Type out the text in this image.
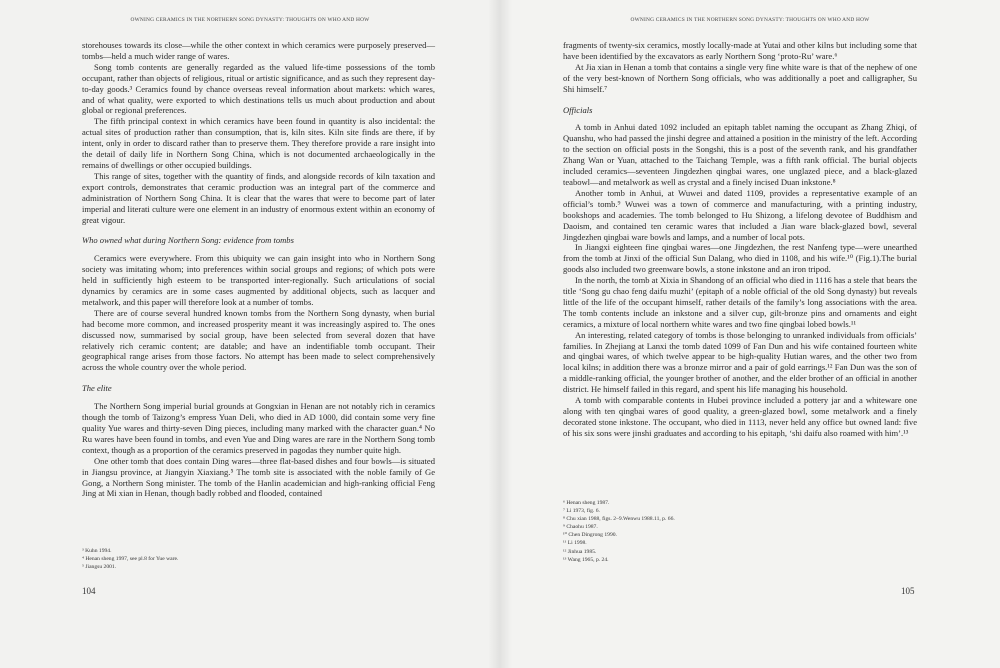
OWNING CERAMICS IN THE NORTHERN SONG DYNASTY: THOUGHTS ON WHO AND HOW

storehouses towards its close—while the other context in which ceramics were purposely preserved—tombs—held a much wider range of wares.

Song tomb contents are generally regarded as the valued life-time possessions of the tomb occupant, rather than objects of religious, ritual or artistic significance, and as such they represent day-to-day goods.³ Ceramics found by chance overseas reveal information about markets: which wares, and of what quality, were exported to which destinations tells us much about production and about global or regional preferences.

The fifth principal context in which ceramics have been found in quantity is also incidental: the actual sites of production rather than consumption, that is, kiln sites. Kiln site finds are there, if by intent, only in order to discard rather than to preserve them. They therefore provide a rare insight into the detail of daily life in Northern Song China, which is not documented archaeologically in the remains of dwellings or other occupied buildings.

This range of sites, together with the quantity of finds, and alongside records of kiln taxation and export controls, demonstrates that ceramic production was an integral part of the commerce and administration of Northern Song China. It is clear that the wares that were to become part of later imperial and literati culture were one element in an industry of enormous extent within an economy of great vigour.

Who owned what during Northern Song: evidence from tombs

Ceramics were everywhere. From this ubiquity we can gain insight into who in Northern Song society was imitating whom; into preferences within social groups and regions; of which pots were held in sufficiently high esteem to be transported inter-regionally. Such articulations of social dynamics by ceramics are in some cases augmented by additional objects, such as lacquer and metalwork, and this paper will therefore look at a number of tombs.

There are of course several hundred known tombs from the Northern Song dynasty, when burial had become more common, and increased prosperity meant it was increasingly aspired to. The ones discussed now, summarised by social group, have been selected from several dozen that have relatively rich ceramic content; are datable; and have an indentifiable tomb occupant. Their geographical range arises from those factors. No attempt has been made to select comprehensively across the whole country over the whole period.

The elite

The Northern Song imperial burial grounds at Gongxian in Henan are not notably rich in ceramics though the tomb of Taizong’s empress Yuan Deli, who died in AD 1000, did contain some very fine quality Yue wares and thirty-seven Ding pieces, including many marked with the character guan.⁴ No Ru wares have been found in tombs, and even Yue and Ding wares are rare in the Northern Song tomb context, though as a proportion of the ceramics preserved in pagodas they number quite high.

One other tomb that does contain Ding wares—three flat-based dishes and four bowls—is situated in Jiangsu province, at Jiangyin Xiaxiang.⁵ The tomb site is associated with the noble family of Ge Gong, a Northern Song minister. The tomb of the Hanlin academician and high-ranking official Feng Jing at Mi xian in Henan, though badly robbed and flooded, contained

³ Kuhn 1994.
⁴ Henan sheng 1997, see pl.8 for Yue ware.
⁵ Jiangsu 2001.
104
OWNING CERAMICS IN THE NORTHERN SONG DYNASTY: THOUGHTS ON WHO AND HOW

fragments of twenty-six ceramics, mostly locally-made at Yutai and other kilns but including some that have been identified by the excavators as early Northern Song ‘proto-Ru’ ware.⁶

At Jia xian in Henan a tomb that contains a single very fine white ware is that of the nephew of one of the very best-known of Northern Song officials, who was additionally a poet and calligrapher, Su Shi himself.⁷

Officials

A tomb in Anhui dated 1092 included an epitaph tablet naming the occupant as Zhang Zhiqi, of Quanshu, who had passed the jinshi degree and attained a position in the ministry of the left. According to the section on official posts in the Songshi, this is a post of the seventh rank, and his grandfather Zhang Wan or Yuan, attached to the Taichang Temple, was a fifth rank official. The burial objects included ceramics—seventeen Jingdezhen qingbai wares, one unglazed piece, and a black-glazed teabowl—and metalwork as well as crystal and a finely incised Duan inkstone.⁸

Another tomb in Anhui, at Wuwei and dated 1109, provides a representative example of an official’s tomb.⁹ Wuwei was a town of commerce and manufacturing, with a printing industry, bookshops and academies. The tomb belonged to Hu Shizong, a lifelong devotee of Buddhism and Daoism, and contained ten ceramic wares that included a Jian ware black-glazed bowl, several Jingdezhen qingbai ware bowls and lamps, and a number of local pots.

In Jiangxi eighteen fine qingbai wares—one Jingdezhen, the rest Nanfeng type—were unearthed from the tomb at Jinxi of the official Sun Dalang, who died in 1108, and his wife.¹⁰ (Fig.1).The burial goods also included two greenware bowls, a stone inkstone and an iron tripod.

In the north, the tomb at Xixia in Shandong of an official who died in 1116 has a stele that bears the title ‘Song gu chao feng daifu muzhi’ (epitaph of a noble official of the old Song dynasty) but reveals little of the life of the occupant himself, rather details of the family’s long associations with the area. The tomb contents include an inkstone and a silver cup, gilt-bronze pins and ornaments and eight ceramics, a mixture of local northern white wares and two fine qingbai lobed bowls.¹¹

An interesting, related category of tombs is those belonging to unranked individuals from officials’ families. In Zhejiang at Lanxi the tomb dated 1099 of Fan Dun and his wife contained fourteen white and qingbai wares, of which twelve appear to be high-quality Hutian wares, and the other two from local kilns; in addition there was a bronze mirror and a pair of gold earrings.¹² Fan Dun was the son of a middle-ranking official, the younger brother of another, and the elder brother of an official in another district. He himself failed in this regard, and spent his life managing his household.

A tomb with comparable contents in Hubei province included a pottery jar and a whiteware one along with ten qingbai wares of good quality, a green-glazed bowl, some metalwork and a finely decorated stone inkstone. The occupant, who died in 1113, never held any office but owned land: five of his six sons were jinshi graduates and according to his epitaph, ‘shi daifu also roamed with him’.¹³

⁶ Henan sheng 1987.
⁷ Li 1973, fig. 6.
⁸ Chu xian 1988, figs. 2–9.Wenwu 1988.11, p. 66.
⁹ Chaohu 1987.
¹⁰ Chen Dingrong 1990.
¹¹ Li 1998.
¹² Jinhua 1985.
¹³ Wang 1965, p. 24.
105
